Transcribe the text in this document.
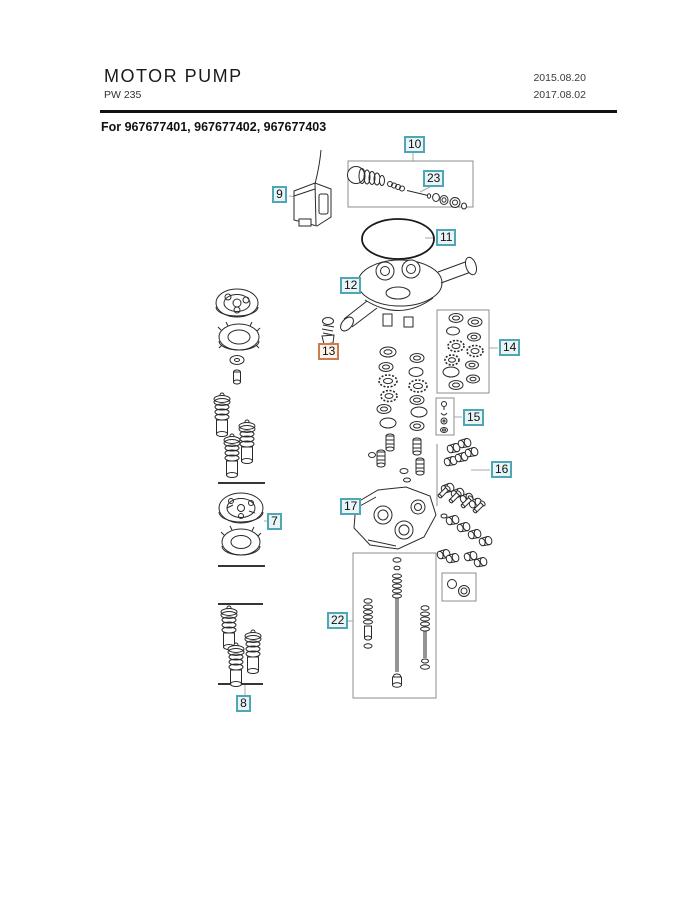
MOTOR PUMP
PW 235
2015.08.20
2017.08.02
For 967677401, 967677402, 967677403
7
8
9
10
11
12
13	14
15
16
17
22
23
